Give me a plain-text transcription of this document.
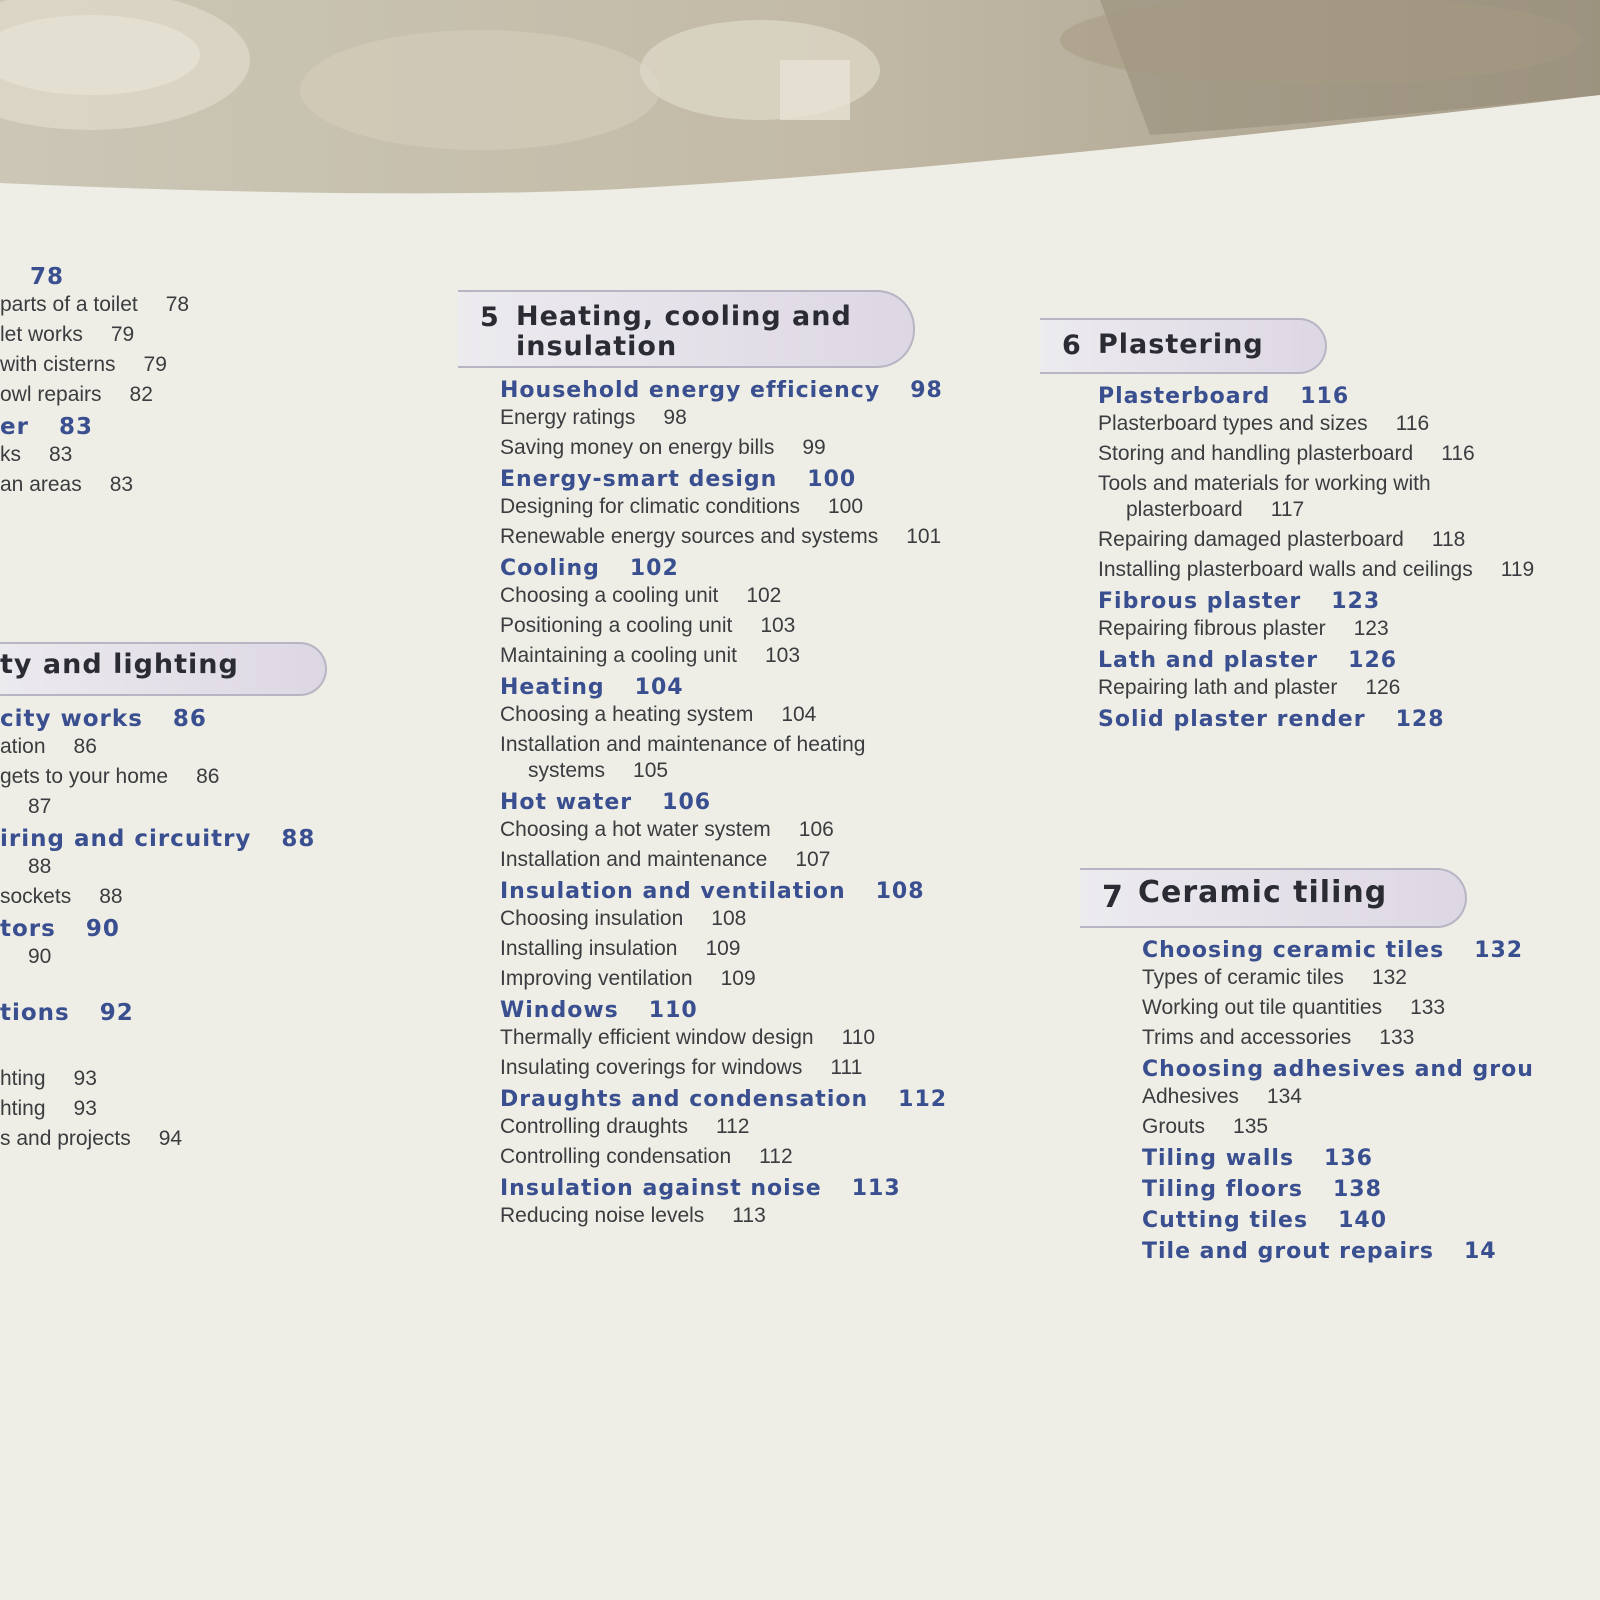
78
parts of a toilet 78
let works 79
with cisterns 79
owl repairs 82
er 83
ks 83
an areas 83
ty and lighting
city works 86
ation 86
gets to your home 86
87
iring and circuitry 88
88
sockets 88
tors 90
90
tions 92
hting 93
hting 93
s and projects 94
5 Heating, cooling and insulation
Household energy efficiency 98
Energy ratings 98
Saving money on energy bills 99
Energy-smart design 100
Designing for climatic conditions 100
Renewable energy sources and systems 101
Cooling 102
Choosing a cooling unit 102
Positioning a cooling unit 103
Maintaining a cooling unit 103
Heating 104
Choosing a heating system 104
Installation and maintenance of heating
systems 105
Hot water 106
Choosing a hot water system 106
Installation and maintenance 107
Insulation and ventilation 108
Choosing insulation 108
Installing insulation 109
Improving ventilation 109
Windows 110
Thermally efficient window design 110
Insulating coverings for windows 111
Draughts and condensation 112
Controlling draughts 112
Controlling condensation 112
Insulation against noise 113
Reducing noise levels 113
6 Plastering
Plasterboard 116
Plasterboard types and sizes 116
Storing and handling plasterboard 116
Tools and materials for working with
plasterboard 117
Repairing damaged plasterboard 118
Installing plasterboard walls and ceilings 119
Fibrous plaster 123
Repairing fibrous plaster 123
Lath and plaster 126
Repairing lath and plaster 126
Solid plaster render 128
7 Ceramic tiling
Choosing ceramic tiles 132
Types of ceramic tiles 132
Working out tile quantities 133
Trims and accessories 133
Choosing adhesives and grou
Adhesives 134
Grouts 135
Tiling walls 136
Tiling floors 138
Cutting tiles 140
Tile and grout repairs 14
